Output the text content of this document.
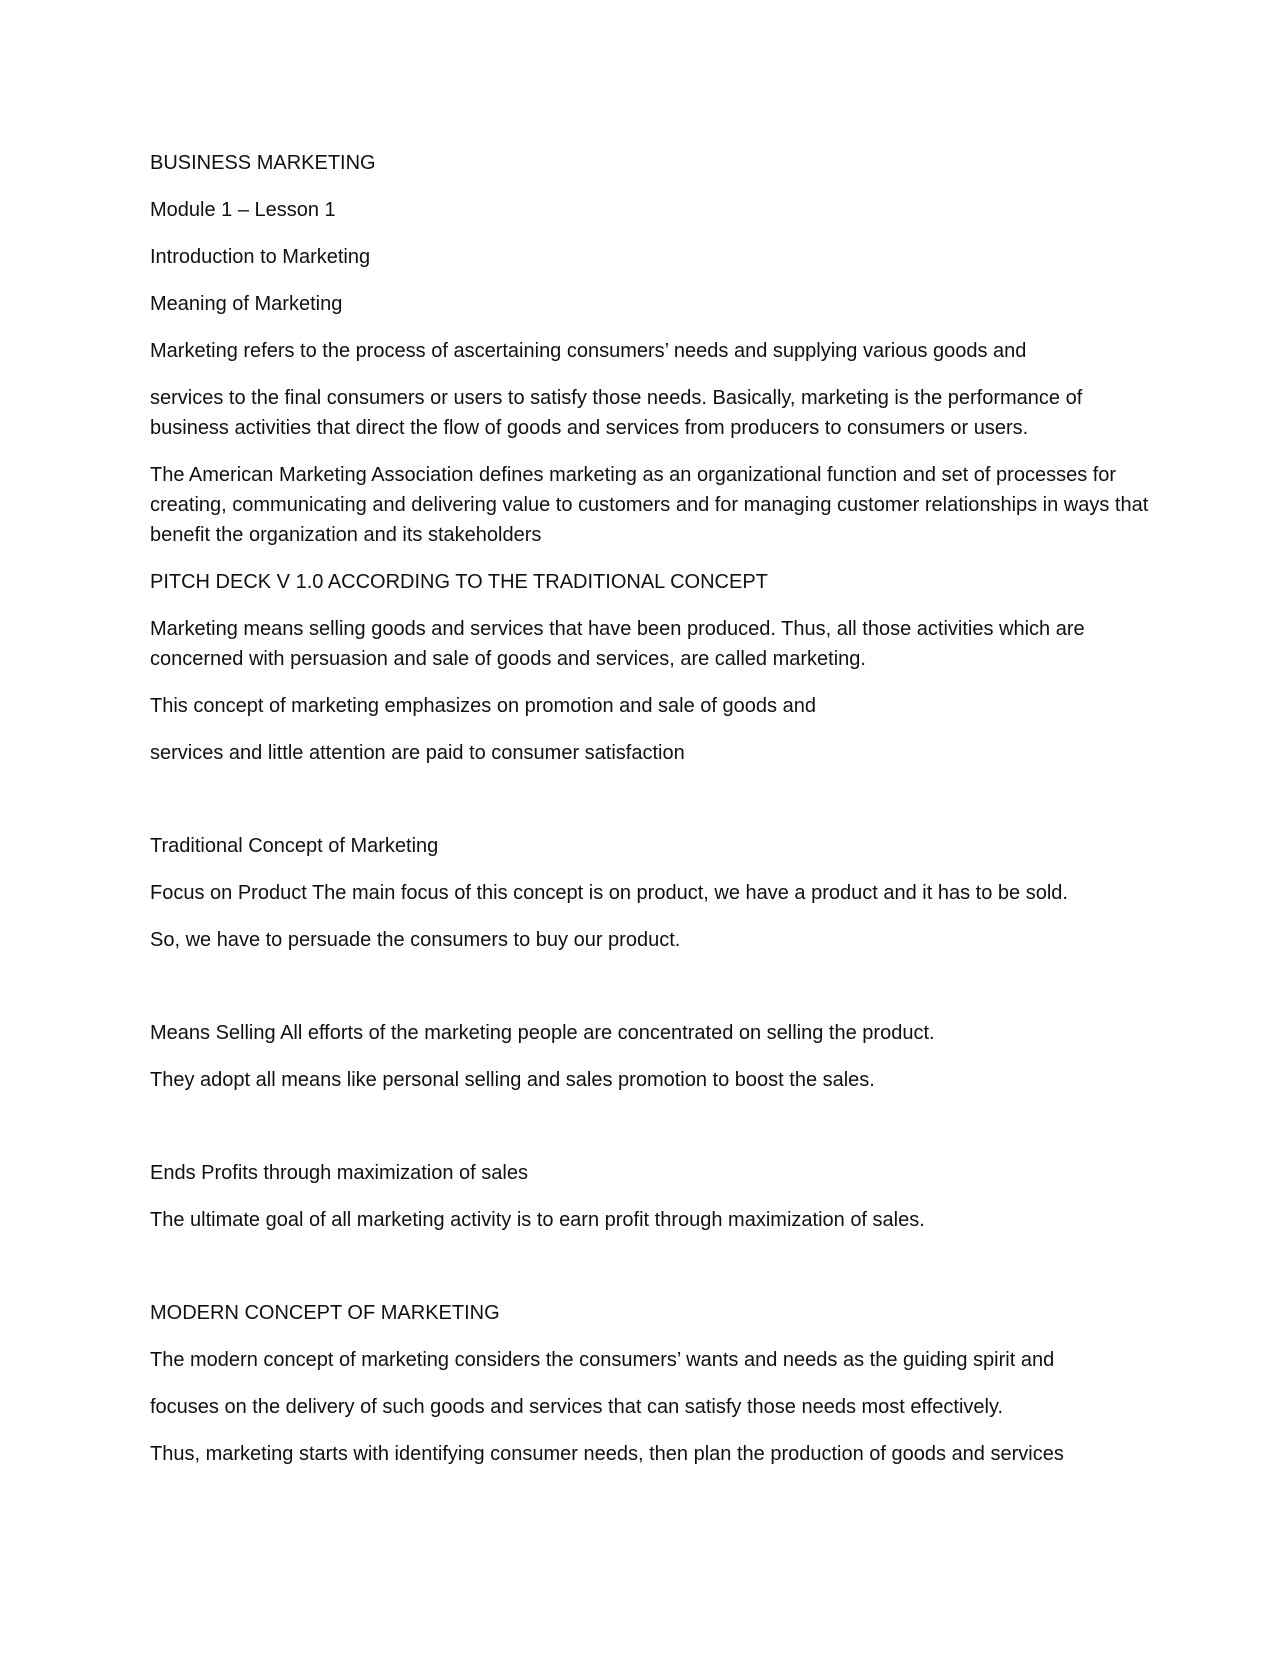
BUSINESS MARKETING

Module 1 – Lesson 1

Introduction to Marketing

Meaning of Marketing

Marketing refers to the process of ascertaining consumers’ needs and supplying various goods and

services to the final consumers or users to satisfy those needs. Basically, marketing is the performance of business activities that direct the flow of goods and services from producers to consumers or users.

The American Marketing Association defines marketing as an organizational function and set of processes for creating, communicating and delivering value to customers and for managing customer relationships in ways that benefit the organization and its stakeholders

PITCH DECK V 1.0 ACCORDING TO THE TRADITIONAL CONCEPT

Marketing means selling goods and services that have been produced. Thus, all those activities which are concerned with persuasion and sale of goods and services, are called marketing.

This concept of marketing emphasizes on promotion and sale of goods and

services and little attention are paid to consumer satisfaction

Traditional Concept of Marketing

Focus on Product The main focus of this concept is on product, we have a product and it has to be sold.

So, we have to persuade the consumers to buy our product.

Means Selling All efforts of the marketing people are concentrated on selling the product.

They adopt all means like personal selling and sales promotion to boost the sales.

Ends Profits through maximization of sales

The ultimate goal of all marketing activity is to earn profit through maximization of sales.

MODERN CONCEPT OF MARKETING

The modern concept of marketing considers the consumers’ wants and needs as the guiding spirit and

focuses on the delivery of such goods and services that can satisfy those needs most effectively.

Thus, marketing starts with identifying consumer needs, then plan the production of goods and services
